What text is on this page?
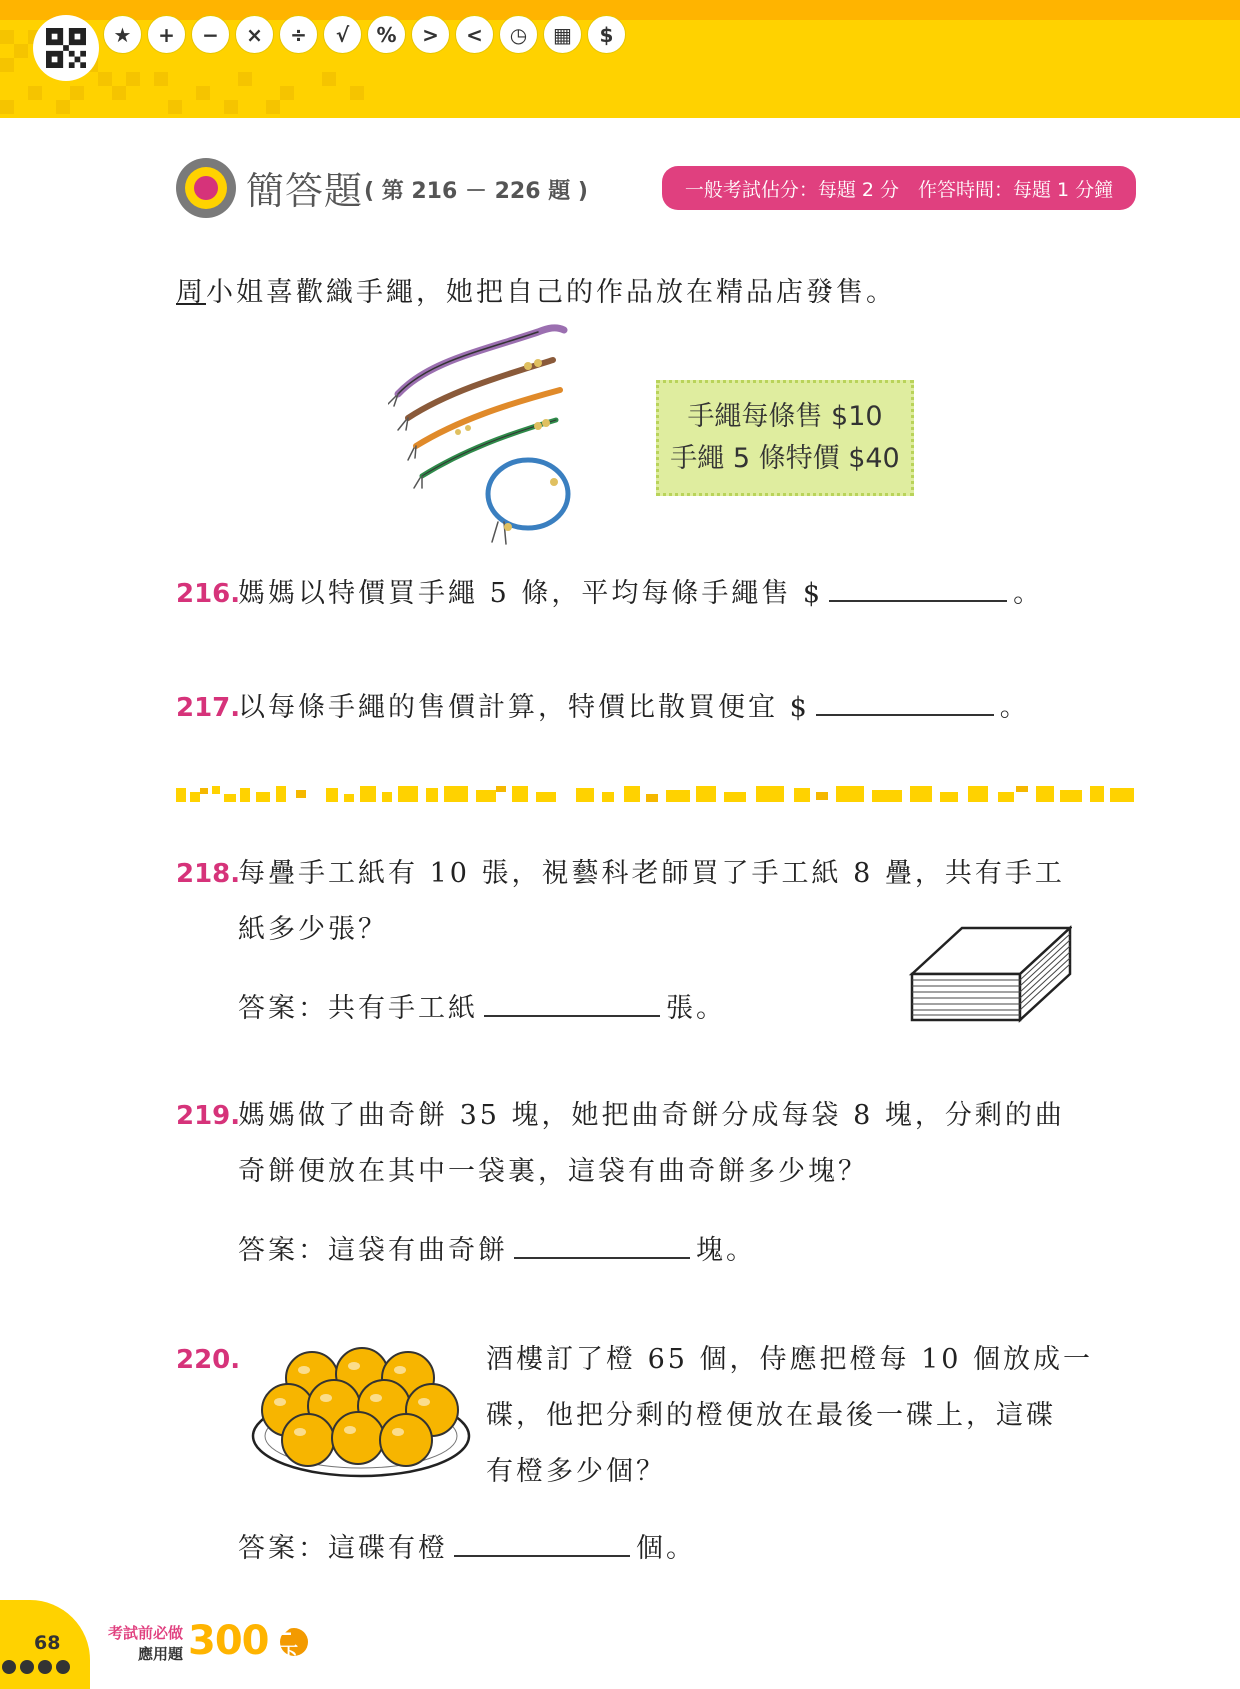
★	+	−	×	÷	√	%	>	<	◷	▦	$
簡答題 ( 第 216 － 226 題 )	一般考試佔分：每題 2 分　作答時間：每題 1 分鐘
周小姐喜歡織手繩，她把自己的作品放在精品店發售。
手繩每條售 $10
手繩 5 條特價 $40
216.媽媽以特價買手繩 5 條，平均每條手繩售 $	。
217.以每條手繩的售價計算，特價比散買便宜 $	。
218.每疊手工紙有 10 張，視藝科老師買了手工紙 8 疊，共有手工
紙多少張？
答案：共有手工紙	張。
219.媽媽做了曲奇餅 35 塊，她把曲奇餅分成每袋 8 塊，分剩的曲
奇餅便放在其中一袋裏，這袋有曲奇餅多少塊？
答案：這袋有曲奇餅	塊。
220.	酒樓訂了橙 65 個，侍應把橙每 10 個放成一
碟，他把分剩的橙便放在最後一碟上，這碟
有橙多少個？
答案：這碟有橙	個。
68	考試前必做
應用題 300 2下
